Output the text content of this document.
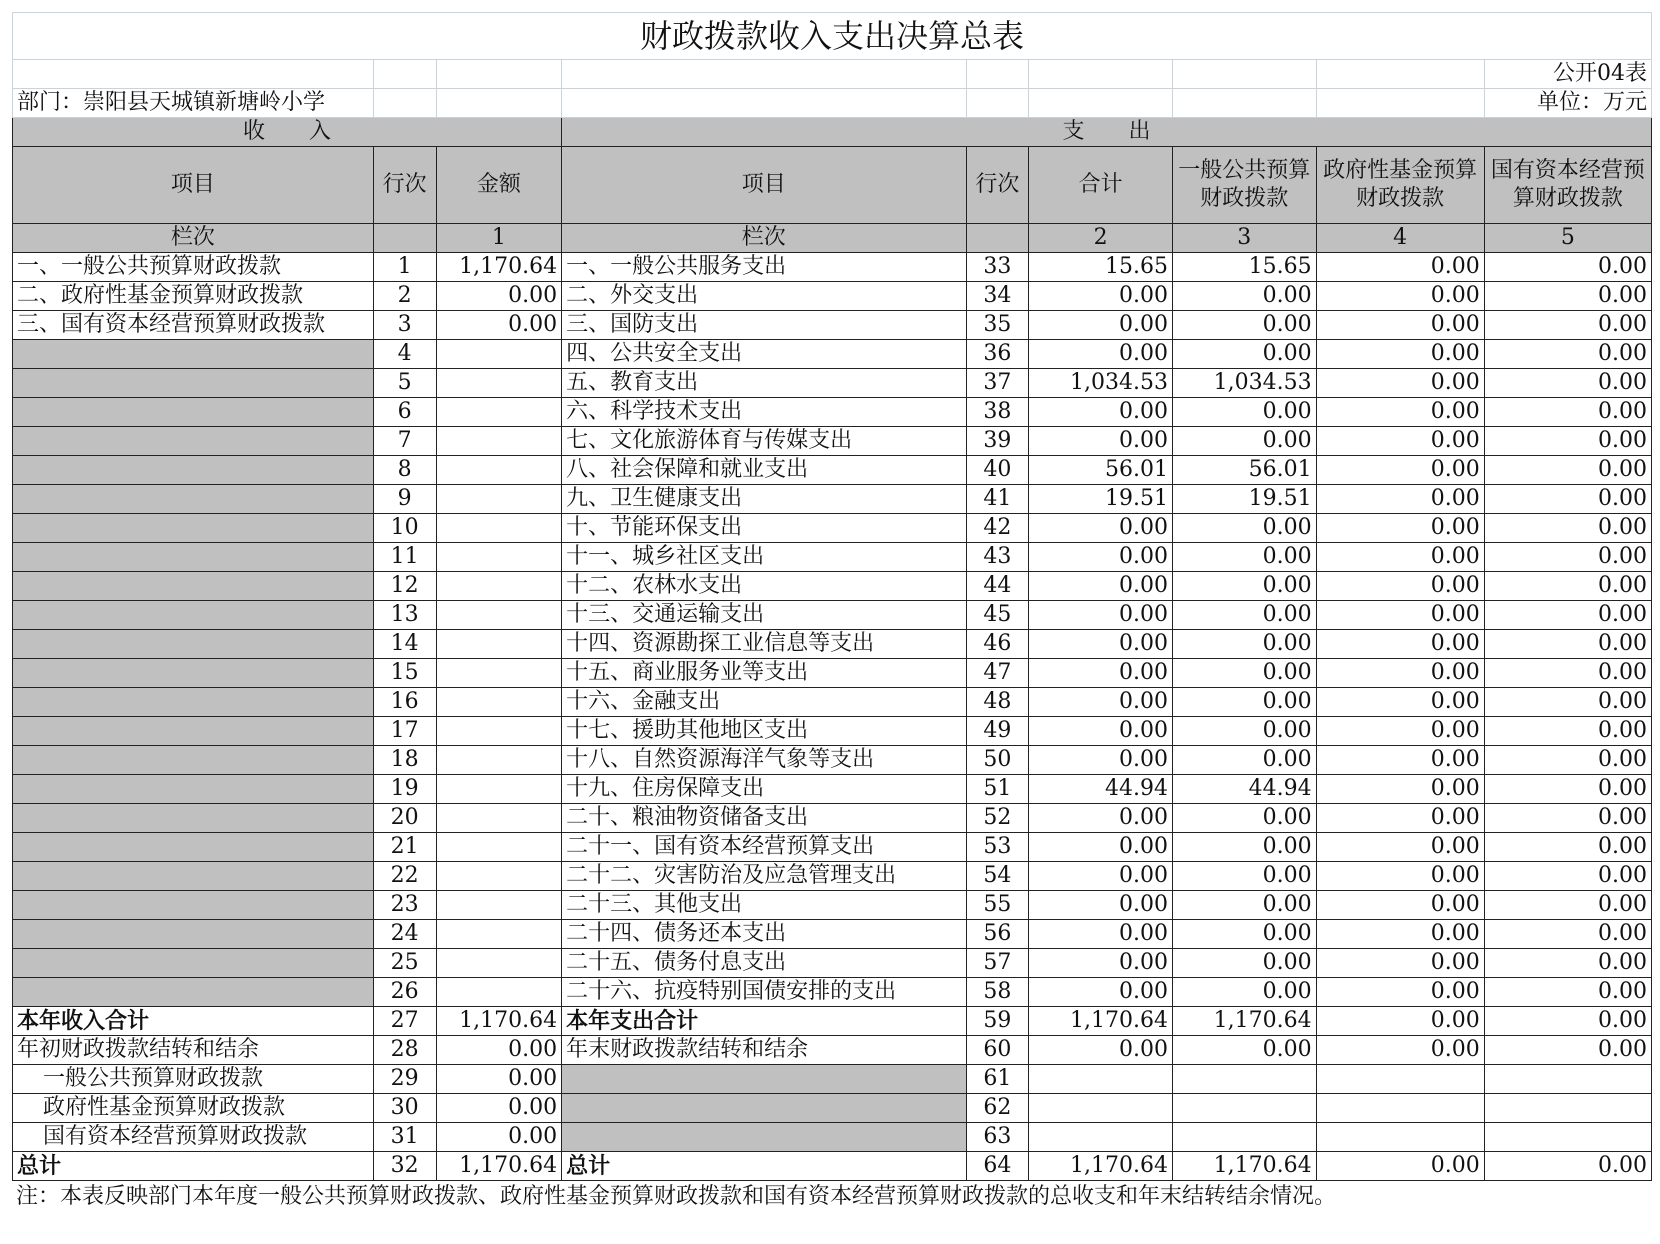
财政拨款收入支出决算总表								
								公开04表
部门：崇阳县天城镇新塘岭小学								单位：万元
收　　入			支　　出					
项目	行次	金额	项目	行次	合计	一般公共预算财政拨款	政府性基金预算财政拨款	国有资本经营预算财政拨款
栏次		1	栏次		2	3	4	5
一、一般公共预算财政拨款	1	1,170.64	一、一般公共服务支出	33	15.65	15.65	0.00	0.00
二、政府性基金预算财政拨款	2	0.00	二、外交支出	34	0.00	0.00	0.00	0.00
三、国有资本经营预算财政拨款	3	0.00	三、国防支出	35	0.00	0.00	0.00	0.00
	4		四、公共安全支出	36	0.00	0.00	0.00	0.00
	5		五、教育支出	37	1,034.53	1,034.53	0.00	0.00
	6		六、科学技术支出	38	0.00	0.00	0.00	0.00
	7		七、文化旅游体育与传媒支出	39	0.00	0.00	0.00	0.00
	8		八、社会保障和就业支出	40	56.01	56.01	0.00	0.00
	9		九、卫生健康支出	41	19.51	19.51	0.00	0.00
	10		十、节能环保支出	42	0.00	0.00	0.00	0.00
	11		十一、城乡社区支出	43	0.00	0.00	0.00	0.00
	12		十二、农林水支出	44	0.00	0.00	0.00	0.00
	13		十三、交通运输支出	45	0.00	0.00	0.00	0.00
	14		十四、资源勘探工业信息等支出	46	0.00	0.00	0.00	0.00
	15		十五、商业服务业等支出	47	0.00	0.00	0.00	0.00
	16		十六、金融支出	48	0.00	0.00	0.00	0.00
	17		十七、援助其他地区支出	49	0.00	0.00	0.00	0.00
	18		十八、自然资源海洋气象等支出	50	0.00	0.00	0.00	0.00
	19		十九、住房保障支出	51	44.94	44.94	0.00	0.00
	20		二十、粮油物资储备支出	52	0.00	0.00	0.00	0.00
	21		二十一、国有资本经营预算支出	53	0.00	0.00	0.00	0.00
	22		二十二、灾害防治及应急管理支出	54	0.00	0.00	0.00	0.00
	23		二十三、其他支出	55	0.00	0.00	0.00	0.00
	24		二十四、债务还本支出	56	0.00	0.00	0.00	0.00
	25		二十五、债务付息支出	57	0.00	0.00	0.00	0.00
	26		二十六、抗疫特别国债安排的支出	58	0.00	0.00	0.00	0.00
本年收入合计	27	1,170.64	本年支出合计	59	1,170.64	1,170.64	0.00	0.00
年初财政拨款结转和结余	28	0.00	年末财政拨款结转和结余	60	0.00	0.00	0.00	0.00
一般公共预算财政拨款	29	0.00		61				
政府性基金预算财政拨款	30	0.00		62				
国有资本经营预算财政拨款	31	0.00		63				
总计	32	1,170.64	总计	64	1,170.64	1,170.64	0.00	0.00
注：本表反映部门本年度一般公共预算财政拨款、政府性基金预算财政拨款和国有资本经营预算财政拨款的总收支和年末结转结余情况。
